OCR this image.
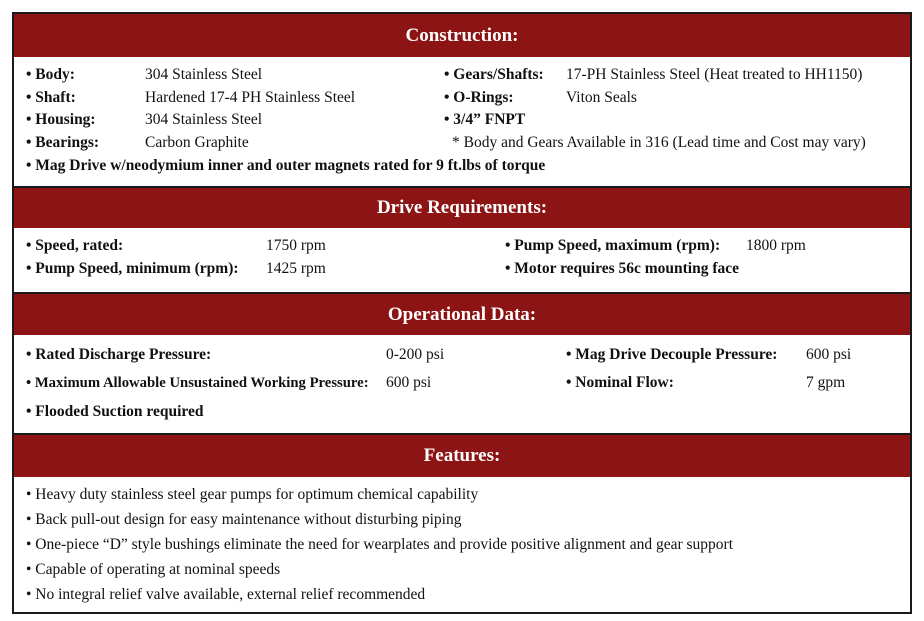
Construction:
• Body:	304 Stainless Steel
• Shaft:	Hardened 17-4 PH Stainless Steel
• Housing:	304 Stainless Steel
• Bearings:	Carbon Graphite
• Gears/Shafts: 17-PH Stainless Steel (Heat treated to HH1150)
• O-Rings:	Viton Seals
• 3/4” FNPT
* Body and Gears Available in 316 (Lead time and Cost may vary)
• Mag Drive w/neodymium inner and outer magnets rated for 9 ft.lbs of torque
Drive Requirements:
• Speed, rated:	1750 rpm
• Pump Speed, minimum (rpm): 1425 rpm
• Pump Speed, maximum (rpm): 1800 rpm
• Motor requires 56c mounting face
Operational Data:
• Rated Discharge Pressure:	0-200 psi
• Maximum Allowable Unsustained Working Pressure: 600 psi
• Flooded Suction required
• Mag Drive Decouple Pressure: 600 psi
• Nominal Flow:	7 gpm
Features:
• Heavy duty stainless steel gear pumps for optimum chemical capability
• Back pull-out design for easy maintenance without disturbing piping
• One-piece “D” style bushings eliminate the need for wearplates and provide positive alignment and gear support
• Capable of operating at nominal speeds
• No integral relief valve available, external relief recommended
